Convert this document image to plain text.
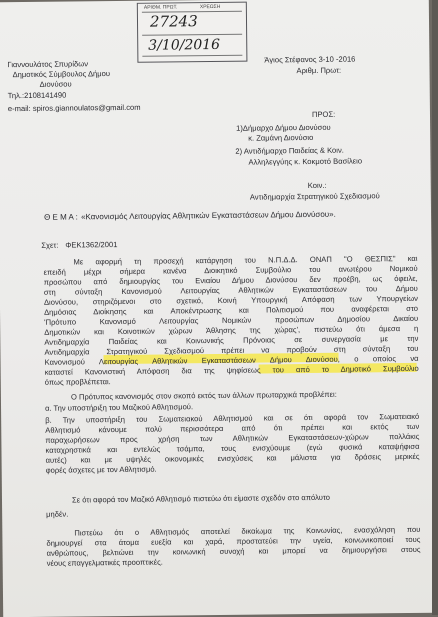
ΑΡΙΘΜ. ΠΡΩΤ.	ΧΡΕΩΣΗ
27243
3/10/2016
Γιαννουλάτος Σπυρίδων
Δημοτικός Σύμβουλος Δήμου
Διονύσου
Τηλ.:2108141490
e-mail: spiros.giannoulatos@gmail.com
Άγιος Στέφανος 3-10 -2016
Αριθμ. Πρωτ:
ΠΡΟΣ:
1)Δήμαρχο Δήμου Διονύσου
κ. Ζαμάνη Διονύσιο
2) Αντιδήμαρχο Παιδείας & Κοιν.
Αλληλεγγύης κ. Κοκμοτό Βασίλειο
Κοιν.:
Αντιδημαρχία Στρατηγικού Σχεδιασμού
Θ Ε Μ Α : «Κανονισμός Λειτουργίας Αθλητικών Εγκαταστάσεων Δήμου Διονύσου».
Σχετ: ΦΕΚ1362/2001
Με αφορμή τη προσεχή κατάργηση του Ν.Π.Δ.Δ. ΟΝΑΠ "Ο ΘΕΣΠΙΣ" και
επειδή μέχρι σήμερα κανένα Διοικητικό Συμβούλιο του ανωτέρου Νομικού
προσώπου από δημιουργίας του Ενιαίου Δήμου Διονύσου δεν προέβη, ως όφειλε,
στη σύνταξη Κανονισμού Λειτουργίας Αθλητικών Εγκαταστάσεων του Δήμου
Διονύσου, στηριζόμενοι στο σχετικό, Κοινή Υπουργική Απόφαση των Υπουργείων
Δημόσιας Διοίκησης και Αποκέντρωσης και Πολιτισμού που αναφέρεται στο
'Πρότυπο Κανονισμό Λειτουργίας Νομικών προσώπων Δημοσίου Δικαίου
Δημοτικών και Κοινοτικών χώρων Άθλησης της χώρας', πιστεύω ότι άμεσα η
Αντιδημαρχία Παιδείας και Κοινωνικής Πρόνοιας σε συνεργασία με την
Αντιδημαρχία Στρατηγικού Σχεδιασμού πρέπει να προβούν στη σύνταξη του
Κανονισμού Λειτουργίας Αθλητικών Εγκαταστάσεων Δήμου Διονύσου, ο οποίος να
καταστεί Κανονιστική Απόφαση δια της ψηφίσεως του από το Δημοτικό Συμβούλιο
όπως προβλέπεται.
Ο Πρότυπος κανονισμός στον σκοπό εκτός των άλλων πρωταρχικά προβλέπει:
α. Την υποστήριξη του Μαζικού Αθλητισμού.
β. Την υποστήριξη του Σωματειακού Αθλητισμού και σε ότι αφορά τον Σωματειακό
Αθλητισμό κάνουμε πολύ περισσότερα από ότι πρέπει και εκτός των
παραχωρήσεων προς χρήση των Αθλητικών Εγκαταστάσεων-χώρων πολλάκις
καταχρηστικά και εντελώς τσάμπα, τους ενισχύουμε (εγώ φυσικά καταψήφισα
αυτές) και με υψηλές οικονομικές ενισχύσεις και μάλιστα για δράσεις μερικές
φορές άσχετες με τον Αθλητισμό.
Σε ότι αφορά τον Μαζικό Αθλητισμό πιστεύω ότι είμαστε σχεδόν στο απόλυτο
μηδέν.
Πιστεύω ότι ο Αθλητισμός αποτελεί δικαίωμα της Κοινωνίας, ενασχόληση που
δημιουργεί στα άτομα ευεξία και χαρά, προστατεύει την υγεία, κοινωνικοποιεί τους
ανθρώπους, βελτιώνει την κοινωνική συνοχή και μπορεί να δημιουργήσει στους
νέους επαγγελματικές προοπτικές.
